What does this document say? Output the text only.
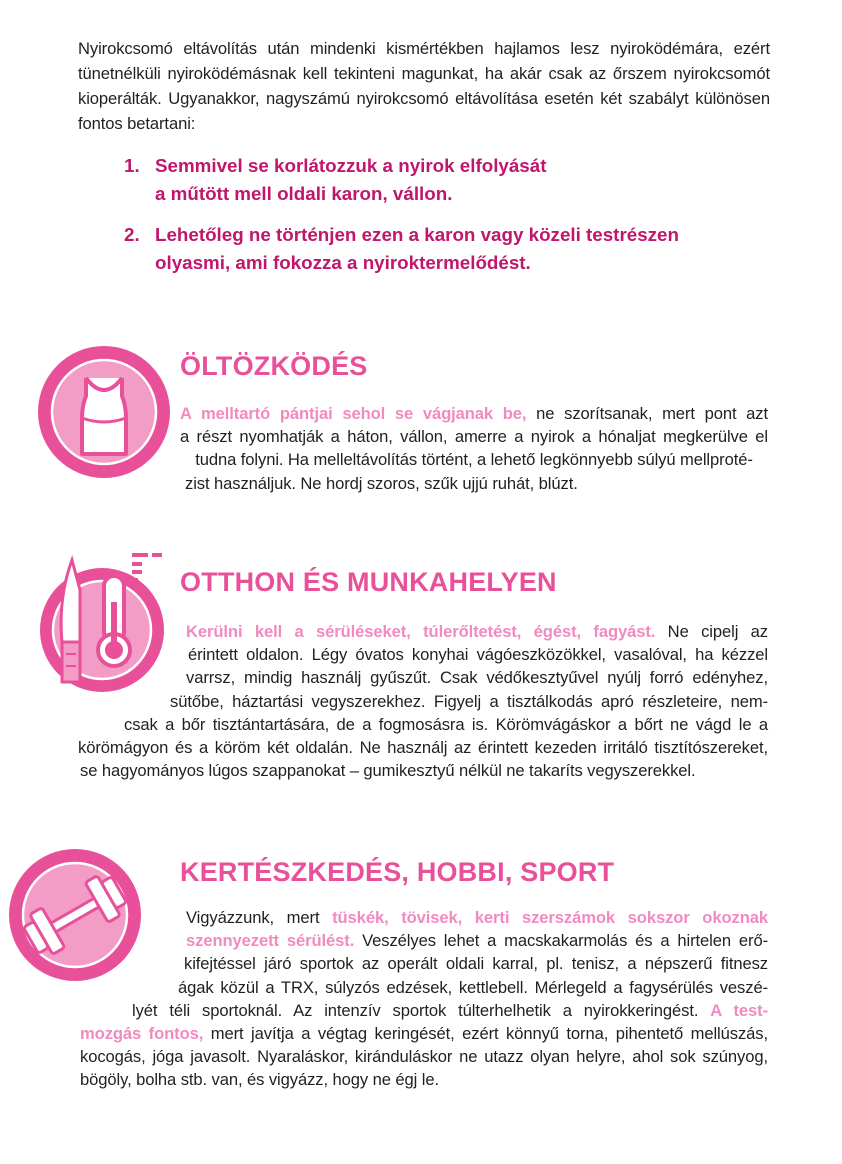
Nyirokcsomó eltávolítás után mindenki kismértékben hajlamos lesz nyiroködémára, ezért tünetnélküli nyiroködémásnak kell tekinteni magunkat, ha akár csak az őrszem nyirokcsomót kioperálták. Ugyanakkor, nagyszámú nyirokcsomó eltávolítása esetén két szabályt különösen fontos betartani:
1. Semmivel se korlátozzuk a nyirok elfolyását
a műtött mell oldali karon, vállon.
2. Lehetőleg ne történjen ezen a karon vagy közeli testrészen
olyasmi, ami fokozza a nyiroktermelődést.
ÖLTÖZKÖDÉS
A melltartó pántjai sehol se vágjanak be, ne szorítsanak, mert pont azt
a részt nyomhatják a háton, vállon, amerre a nyirok a hónaljat megkerülve el
tudna folyni. Ha melleltávolítás történt, a lehető legkönnyebb súlyú mellproté-
zist használjuk. Ne hordj szoros, szűk ujjú ruhát, blúzt.
OTTHON ÉS MUNKAHELYEN
Kerülni kell a sérüléseket, túlerőltetést, égést, fagyást. Ne cipelj az
érintett oldalon. Légy óvatos konyhai vágóeszközökkel, vasalóval, ha kézzel
varrsz, mindig használj gyűszűt. Csak védőkesztyűvel nyúlj forró edényhez,
sütőbe, háztartási vegyszerekhez. Figyelj a tisztálkodás apró részleteire, nem-
csak a bőr tisztántartására, de a fogmosásra is. Körömvágáskor a bőrt ne vágd le a
körömágyon és a köröm két oldalán. Ne használj az érintett kezeden irritáló tisztítószereket,
se hagyományos lúgos szappanokat – gumikesztyű nélkül ne takaríts vegyszerekkel.
KERTÉSZKEDÉS, HOBBI, SPORT
Vigyázzunk, mert tüskék, tövisek, kerti szerszámok sokszor okoznak
szennyezett sérülést. Veszélyes lehet a macskakarmolás és a hirtelen erő-
kifejtéssel járó sportok az operált oldali karral, pl. tenisz, a népszerű fitnesz
ágak közül a TRX, súlyzós edzések, kettlebell. Mérlegeld a fagysérülés veszé-
lyét téli sportoknál. Az intenzív sportok túlterhelhetik a nyirokkeringést. A test-
mozgás fontos, mert javítja a végtag keringését, ezért könnyű torna, pihentető mellúszás,
kocogás, jóga javasolt. Nyaraláskor, kiránduláskor ne utazz olyan helyre, ahol sok szúnyog,
bögöly, bolha stb. van, és vigyázz, hogy ne égj le.
